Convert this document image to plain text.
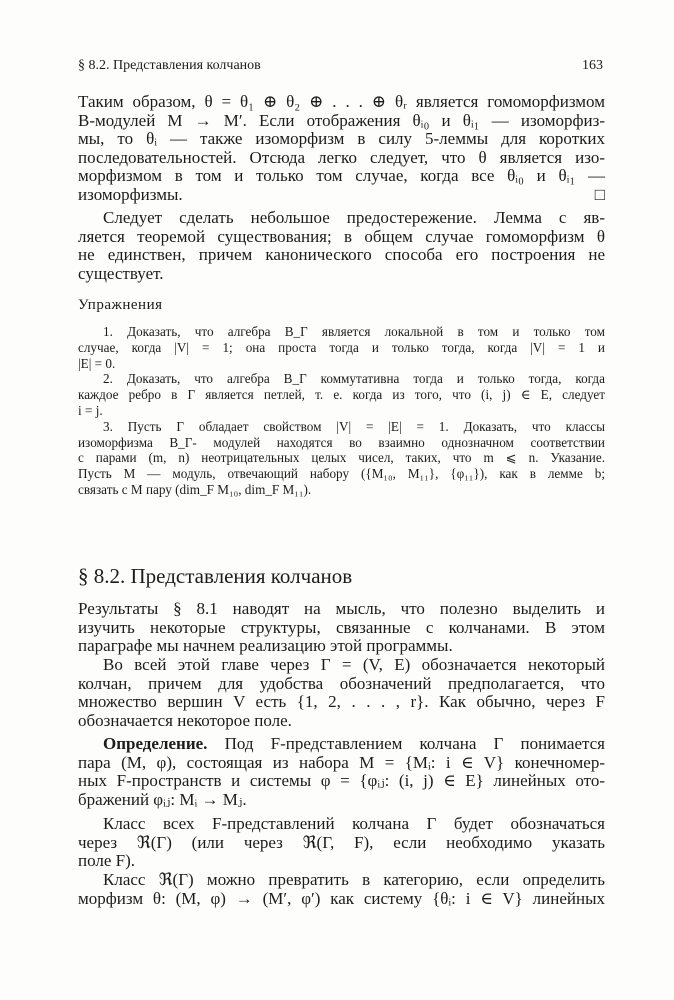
§ 8.2. Представления колчанов	163
Таким образом, θ = θ₁ ⊕ θ₂ ⊕ . . . ⊕ θᵣ является гомоморфизмом
B-модулей M → M′. Если отображения θᵢ₀ и θᵢ₁ — изоморфиз-
мы, то θᵢ — также изоморфизм в силу 5-леммы для коротких
последовательностей. Отсюда легко следует, что θ является изо-
морфизмом в том и только том случае, когда все θᵢ₀ и θᵢ₁ —
изоморфизмы.	□
Следует сделать небольшое предостережение. Лемма с яв-
ляется теоремой существования; в общем случае гомоморфизм θ
не единствен, причем канонического способа его построения не
существует.
Упражнения
1. Доказать, что алгебра B_Γ является локальной в том и только том
случае, когда |V| = 1; она проста тогда и только тогда, когда |V| = 1 и
|E| = 0.
2. Доказать, что алгебра B_Γ коммутативна тогда и только тогда, когда
каждое ребро в Γ является петлей, т. е. когда из того, что (i, j) ∈ E, следует
i = j.
3. Пусть Γ обладает свойством |V| = |E| = 1. Доказать, что классы
изоморфизма B_Γ- модулей находятся во взаимно однозначном соответствии
с парами (m, n) неотрицательных целых чисел, таких, что m ⩽ n. Указание.
Пусть M — модуль, отвечающий набору ({M₁₀, M₁₁}, {φ₁₁}), как в лемме b;
связать с M пару (dim_F M₁₀, dim_F M₁₁).
§ 8.2. Представления колчанов
Результаты § 8.1 наводят на мысль, что полезно выделить и
изучить некоторые структуры, связанные с колчанами. В этом
параграфе мы начнем реализацию этой программы.
Во всей этой главе через Γ = (V, E) обозначается некоторый
колчан, причем для удобства обозначений предполагается, что
множество вершин V есть {1, 2, . . . , r}. Как обычно, через F
обозначается некоторое поле.
Определение. Под F-представлением колчана Γ понимается
пара (M, φ), состоящая из набора M = {Mᵢ: i ∈ V} конечномер-
ных F-пространств и системы φ = {φᵢⱼ: (i, j) ∈ E} линейных ото-
бражений φᵢⱼ: Mᵢ → Mⱼ.
Класс всех F-представлений колчана Γ будет обозначаться
через ℜ(Γ) (или через ℜ(Γ, F), если необходимо указать
поле F).
Класс ℜ(Γ) можно превратить в категорию, если определить
морфизм θ: (M, φ) → (M′, φ′) как систему {θᵢ: i ∈ V} линейных
